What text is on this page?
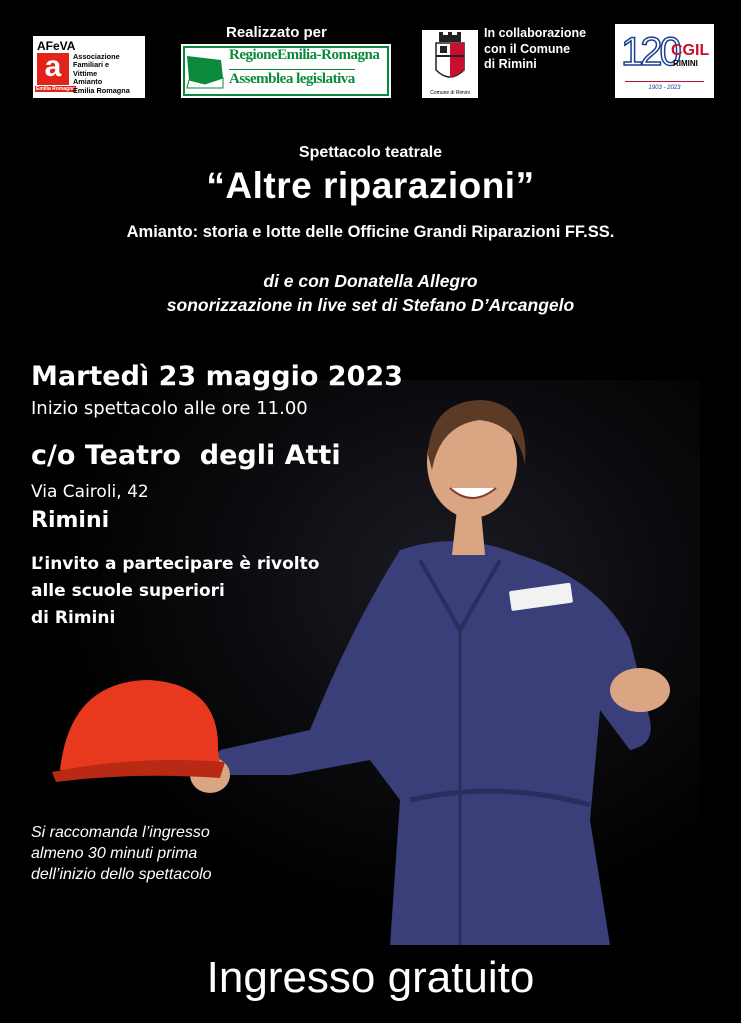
AFeVA
a
Emilia Romagna
Associazione
Familiari e
Vittime
Amianto
Emilia Romagna
Realizzato per
RegioneEmilia-Romagna
Assemblea legislativa
Comune di Rimini
In collaborazione
con il Comune
di Rimini	120
CGIL
RIMINI
1903 - 2023
Spettacolo teatrale
“Altre riparazioni”
Amianto: storia e lotte delle Officine Grandi Riparazioni FF.SS.
di e con Donatella Allegro
sonorizzazione in live set di Stefano D’Arcangelo
Martedì 23 maggio 2023
Inizio spettacolo alle ore 11.00
c/o Teatro  degli Atti
Via Cairoli, 42
Rimini
L’invito a partecipare è rivolto
alle scuole superiori
di Rimini
Si raccomanda l’ingresso
almeno 30 minuti prima
dell’inizio dello spettacolo
Ingresso gratuito
